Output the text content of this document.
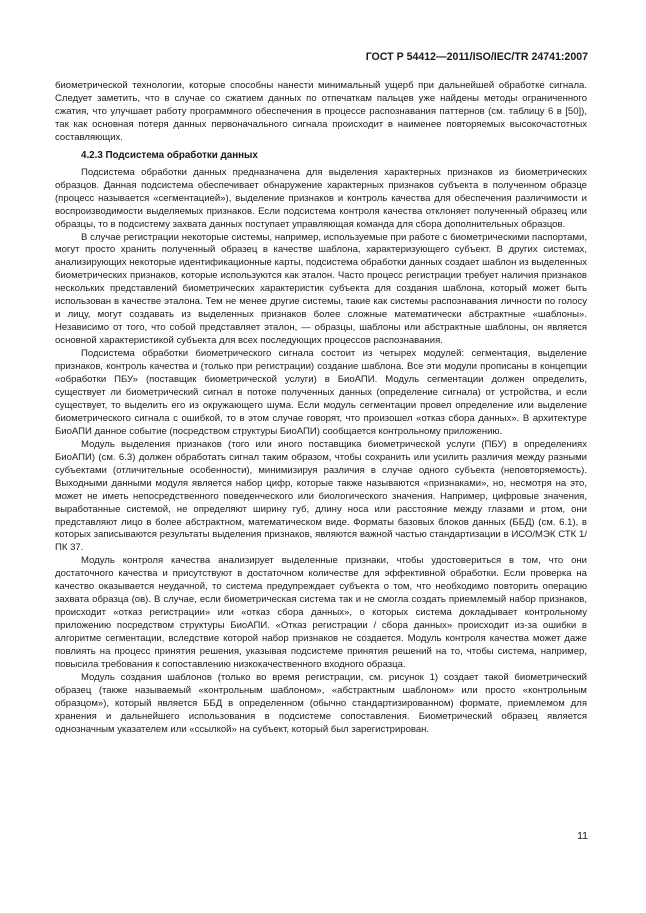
ГОСТ Р 54412—2011/ISO/IEC/TR 24741:2007

биометрической технологии, которые способны нанести минимальный ущерб при дальнейшей обработке сигнала. Следует заметить, что в случае со сжатием данных по отпечаткам пальцев уже найдены методы ограниченного сжатия, что улучшает работу программного обеспечения в процессе распознавания паттернов (см. таблицу 6 в [50]), так как основная потеря данных первоначального сигнала происходит в наименее повторяемых высокочастотных составляющих.

4.2.3 Подсистема обработки данных

Подсистема обработки данных предназначена для выделения характерных признаков из биометрических образцов. Данная подсистема обеспечивает обнаружение характерных признаков субъекта в полученном образце (процесс называется «сегментацией»), выделение признаков и контроль качества для обеспечения различимости и воспроизводимости выделяемых признаков. Если подсистема контроля качества отклоняет полученный образец или образцы, то в подсистему захвата данных поступает управляющая команда для сбора дополнительных образцов.

В случае регистрации некоторые системы, например, используемые при работе с биометрическими паспортами, могут просто хранить полученный образец в качестве шаблона, характеризующего субъект. В других системах, анализирующих некоторые идентификационные карты, подсистема обработки данных создает шаблон из выделенных биометрических признаков, которые используются как эталон. Часто процесс регистрации требует наличия признаков нескольких представлений биометрических характеристик субъекта для создания шаблона, который может быть использован в качестве эталона. Тем не менее другие системы, такие как системы распознавания личности по голосу и лицу, могут создавать из выделенных признаков более сложные математически абстрактные «шаблоны». Независимо от того, что собой представляет эталон, — образцы, шаблоны или абстрактные шаблоны, он является основной характеристикой субъекта для всех последующих процессов распознавания.

Подсистема обработки биометрического сигнала состоит из четырех модулей: сегментация, выделение признаков, контроль качества и (только при регистрации) создание шаблона. Все эти модули прописаны в концепции «обработки ПБУ» (поставщик биометрической услуги) в БиоАПИ. Модуль сегментации должен определить, существует ли биометрический сигнал в потоке полученных данных (определение сигнала) от устройства, и если существует, то выделить его из окружающего шума. Если модуль сегментации провел определение или выделение биометрического сигнала с ошибкой, то в этом случае говорят, что произошел «отказ сбора данных». В архитектуре БиоАПИ данное событие (посредством структуры БиоАПИ) сообщается контрольному приложению.

Модуль выделения признаков (того или иного поставщика биометрической услуги (ПБУ) в определениях БиоАПИ) (см. 6.3) должен обработать сигнал таким образом, чтобы сохранить или усилить различия между разными субъектами (отличительные особенности), минимизируя различия в случае одного субъекта (неповторяемость). Выходными данными модуля является набор цифр, которые также называются «признаками», но, несмотря на это, может не иметь непосредственного поведенческого или биологического значения. Например, цифровые значения, выработанные системой, не определяют ширину губ, длину носа или расстояние между глазами и ртом, они представляют лицо в более абстрактном, математическом виде. Форматы базовых блоков данных (ББД) (см. 6.1), в которых записываются результаты выделения признаков, являются важной частью стандартизации в ИСО/МЭК СТК 1/ПК 37.

Модуль контроля качества анализирует выделенные признаки, чтобы удостовериться в том, что они достаточного качества и присутствуют в достаточном количестве для эффективной обработки. Если проверка на качество оказывается неудачной, то система предупреждает субъекта о том, что необходимо повторить операцию захвата образца (ов). В случае, если биометрическая система так и не смогла создать приемлемый набор признаков, происходит «отказ регистрации» или «отказ сбора данных», о которых система докладывает контрольному приложению посредством структуры БиоАПИ. «Отказ регистрации / сбора данных» происходит из-за ошибки в алгоритме сегментации, вследствие которой набор признаков не создается. Модуль контроля качества может даже повлиять на процесс принятия решения, указывая подсистеме принятия решений на то, чтобы система, например, повысила требования к сопоставлению низкокачественного входного образца.

Модуль создания шаблонов (только во время регистрации, см. рисунок 1) создает такой биометрический образец (также называемый «контрольным шаблоном», «абстрактным шаблоном» или просто «контрольным образцом»), который является ББД в определенном (обычно стандартизированном) формате, приемлемом для хранения и дальнейшего использования в подсистеме сопоставления. Биометрический образец является однозначным указателем или «ссылкой» на субъект, который был зарегистрирован.

11
